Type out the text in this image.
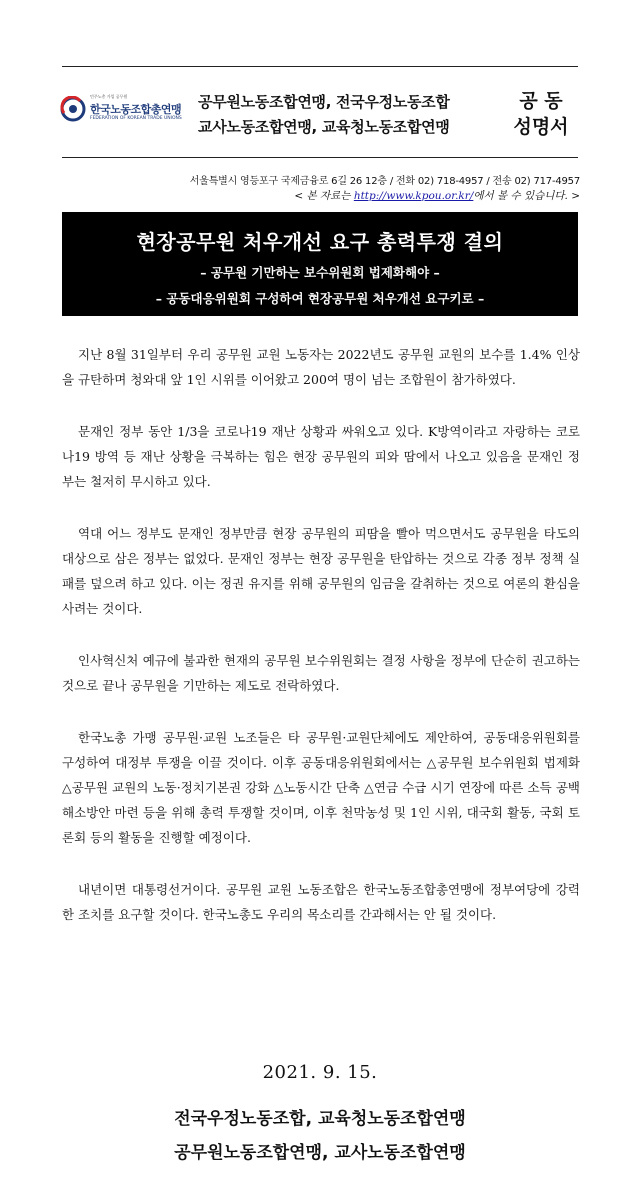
민주노총 가입 공무원
한국노동조합총연맹
FEDERATION OF KOREAN TRADE UNIONS
공무원노동조합연맹, 전국우정노동조합
교사노동조합연맹, 교육청노동조합연맹
공 동
성명서
서울특별시 영등포구 국제금융로 6길 26 12층 / 전화 02) 718-4957 / 전송 02) 717-4957
< 본 자료는 http://www.kpou.or.kr/에서 볼 수 있습니다. >
현장공무원 처우개선 요구 총력투쟁 결의
– 공무원 기만하는 보수위원회 법제화해야 –
– 공동대응위원회 구성하여 현장공무원 처우개선 요구키로 –

지난 8월 31일부터 우리 공무원 교원 노동자는 2022년도 공무원 교원의 보수를 1.4% 인상을 규탄하며 청와대 앞 1인 시위를 이어왔고 200여 명이 넘는 조합원이 참가하였다.

문재인 정부 동안 1/3을 코로나19 재난 상황과 싸워오고 있다. K방역이라고 자랑하는 코로나19 방역 등 재난 상황을 극복하는 힘은 현장 공무원의 피와 땀에서 나오고 있음을 문재인 정부는 철저히 무시하고 있다.

역대 어느 정부도 문재인 정부만큼 현장 공무원의 피땀을 빨아 먹으면서도 공무원을 타도의 대상으로 삼은 정부는 없었다. 문재인 정부는 현장 공무원을 탄압하는 것으로 각종 정부 정책 실패를 덮으려 하고 있다. 이는 정권 유지를 위해 공무원의 임금을 갈취하는 것으로 여론의 환심을 사려는 것이다.

인사혁신처 예규에 불과한 현재의 공무원 보수위원회는 결정 사항을 정부에 단순히 권고하는 것으로 끝나 공무원을 기만하는 제도로 전락하였다.

한국노총 가맹 공무원·교원 노조들은 타 공무원·교원단체에도 제안하여, 공동대응위원회를 구성하여 대정부 투쟁을 이끌 것이다. 이후 공동대응위원회에서는 △공무원 보수위원회 법제화 △공무원 교원의 노동·정치기본권 강화 △노동시간 단축 △연금 수급 시기 연장에 따른 소득 공백 해소방안 마련 등을 위해 총력 투쟁할 것이며, 이후 천막농성 및 1인 시위, 대국회 활동, 국회 토론회 등의 활동을 진행할 예정이다.

내년이면 대통령선거이다. 공무원 교원 노동조합은 한국노동조합총연맹에 정부여당에 강력한 조치를 요구할 것이다. 한국노총도 우리의 목소리를 간과해서는 안 될 것이다.

2021. 9. 15.
전국우정노동조합, 교육청노동조합연맹
공무원노동조합연맹, 교사노동조합연맹
